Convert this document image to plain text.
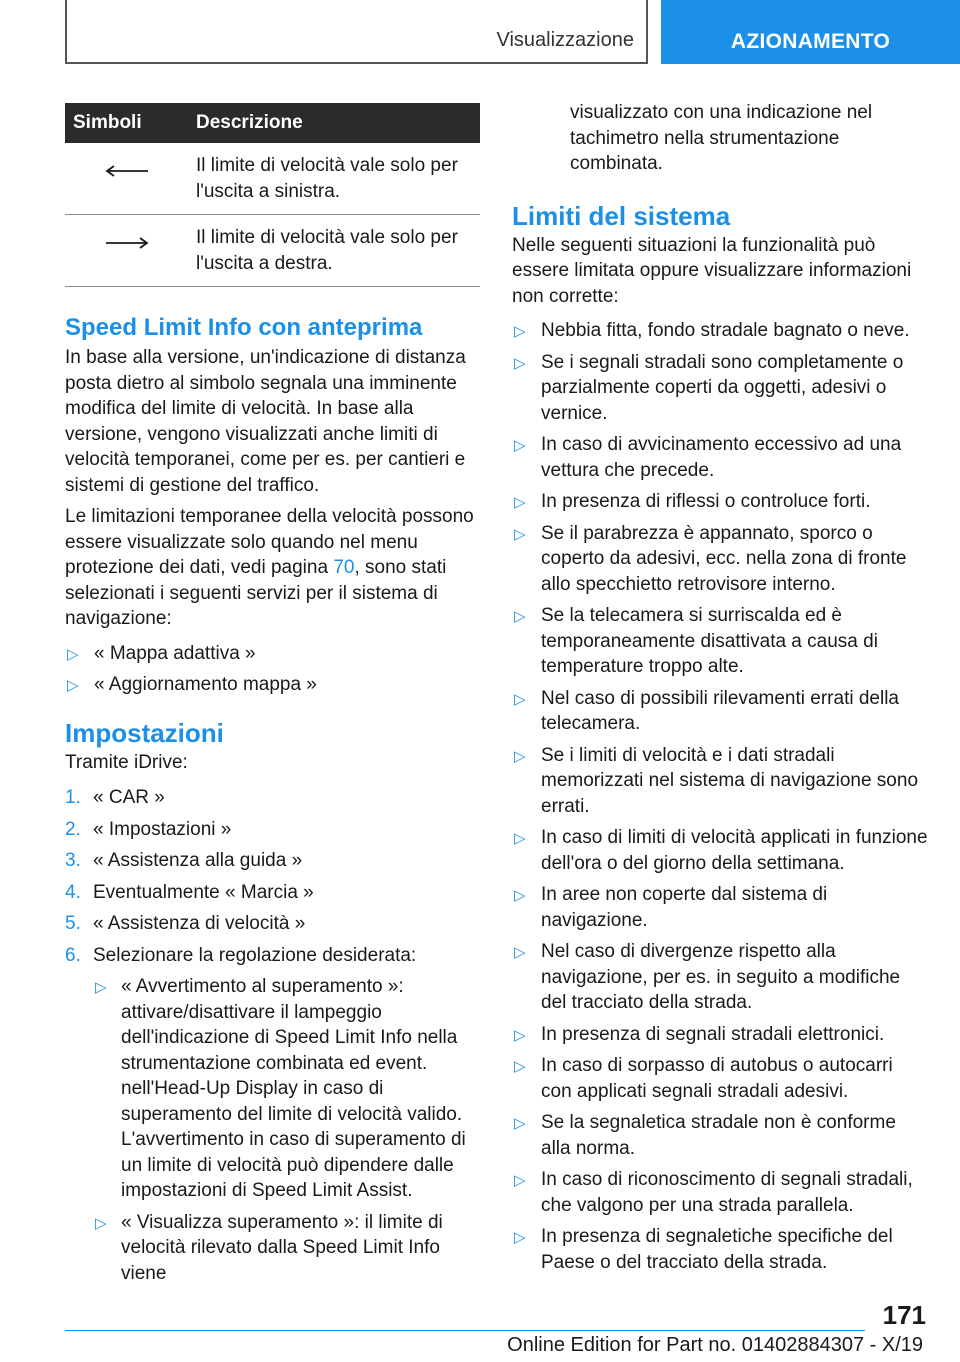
Visualizzazione	AZIONAMENTO
Simboli	Descrizione
	Il limite di velocità vale solo per l'uscita a sinistra.
	Il limite di velocità vale solo per l'uscita a destra.
Speed Limit Info con anteprima

In base alla versione, un'indicazione di distanza posta dietro al simbolo segnala una imminente modifica del limite di velocità. In base alla versione, vengono visualizzati anche limiti di velocità temporanei, come per es. per cantieri e sistemi di gestione del traffico.

Le limitazioni temporanee della velocità possono essere visualizzate solo quando nel menu protezione dei dati, vedi pagina 70, sono stati selezionati i seguenti servizi per il sistema di navigazione:

▷ « Mappa adattiva »
▷ « Aggiornamento mappa »
Impostazioni

Tramite iDrive:

1. « CAR »
2. « Impostazioni »
3. « Assistenza alla guida »
4. Eventualmente « Marcia »
5. « Assistenza di velocità »
6. Selezionare la regolazione desiderata:
▷ « Avvertimento al superamento »: attivare/disattivare il lampeggio dell'indicazione di Speed Limit Info nella strumentazione combinata ed event. nell'Head-Up Display in caso di superamento del limite di velocità valido. L'avvertimento in caso di superamento di un limite di velocità può dipendere dalle impostazioni di Speed Limit Assist.
▷ « Visualizza superamento »: il limite di velocità rilevato dalla Speed Limit Info viene

visualizzato con una indicazione nel tachimetro nella strumentazione combinata.

Limiti del sistema

Nelle seguenti situazioni la funzionalità può essere limitata oppure visualizzare informazioni non corrette:

▷ Nebbia fitta, fondo stradale bagnato o neve.
▷ Se i segnali stradali sono completamente o parzialmente coperti da oggetti, adesivi o vernice.
▷ In caso di avvicinamento eccessivo ad una vettura che precede.
▷ In presenza di riflessi o controluce forti.
▷ Se il parabrezza è appannato, sporco o coperto da adesivi, ecc. nella zona di fronte allo specchietto retrovisore interno.
▷ Se la telecamera si surriscalda ed è temporaneamente disattivata a causa di temperature troppo alte.
▷ Nel caso di possibili rilevamenti errati della telecamera.
▷ Se i limiti di velocità e i dati stradali memorizzati nel sistema di navigazione sono errati.
▷ In caso di limiti di velocità applicati in funzione dell'ora o del giorno della settimana.
▷ In aree non coperte dal sistema di navigazione.
▷ Nel caso di divergenze rispetto alla navigazione, per es. in seguito a modifiche del tracciato della strada.
▷ In presenza di segnali stradali elettronici.
▷ In caso di sorpasso di autobus o autocarri con applicati segnali stradali adesivi.
▷ Se la segnaletica stradale non è conforme alla norma.
▷ In caso di riconoscimento di segnali stradali, che valgono per una strada parallela.
▷ In presenza di segnaletiche specifiche del Paese o del tracciato della strada.
171
Online Edition for Part no. 01402884307 - X/19
